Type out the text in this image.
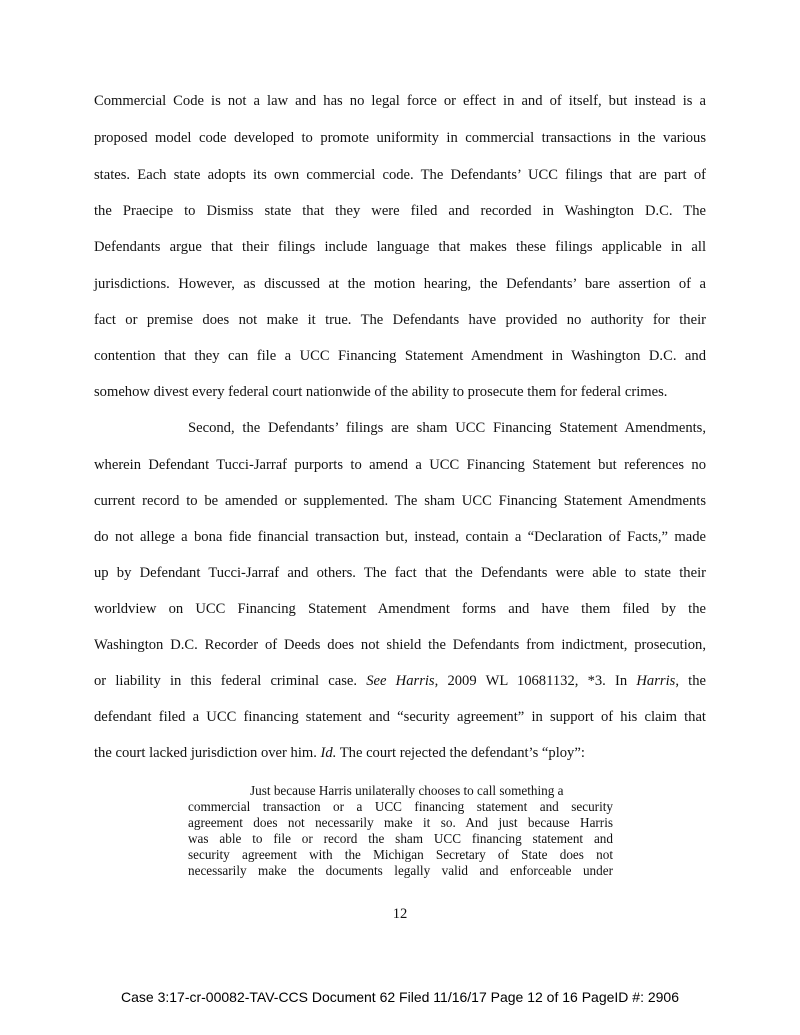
Commercial Code is not a law and has no legal force or effect in and of itself, but instead is a
proposed model code developed to promote uniformity in commercial transactions in the various
states. Each state adopts its own commercial code. The Defendants’ UCC filings that are part of
the Praecipe to Dismiss state that they were filed and recorded in Washington D.C. The
Defendants argue that their filings include language that makes these filings applicable in all
jurisdictions. However, as discussed at the motion hearing, the Defendants’ bare assertion of a
fact or premise does not make it true. The Defendants have provided no authority for their
contention that they can file a UCC Financing Statement Amendment in Washington D.C. and
somehow divest every federal court nationwide of the ability to prosecute them for federal crimes.
Second, the Defendants’ filings are sham UCC Financing Statement Amendments,
wherein Defendant Tucci-Jarraf purports to amend a UCC Financing Statement but references no
current record to be amended or supplemented. The sham UCC Financing Statement Amendments
do not allege a bona fide financial transaction but, instead, contain a “Declaration of Facts,” made
up by Defendant Tucci-Jarraf and others. The fact that the Defendants were able to state their
worldview on UCC Financing Statement Amendment forms and have them filed by the
Washington D.C. Recorder of Deeds does not shield the Defendants from indictment, prosecution,
or liability in this federal criminal case. See Harris, 2009 WL 10681132, *3. In Harris, the
defendant filed a UCC financing statement and “security agreement” in support of his claim that
the court lacked jurisdiction over him. Id. The court rejected the defendant’s “ploy”:
Just because Harris unilaterally chooses to call something a
commercial transaction or a UCC financing statement and security
agreement does not necessarily make it so. And just because Harris
was able to file or record the sham UCC financing statement and
security agreement with the Michigan Secretary of State does not
necessarily make the documents legally valid and enforceable under
12
Case 3:17-cr-00082-TAV-CCS Document 62 Filed 11/16/17 Page 12 of 16 PageID #: 2906
